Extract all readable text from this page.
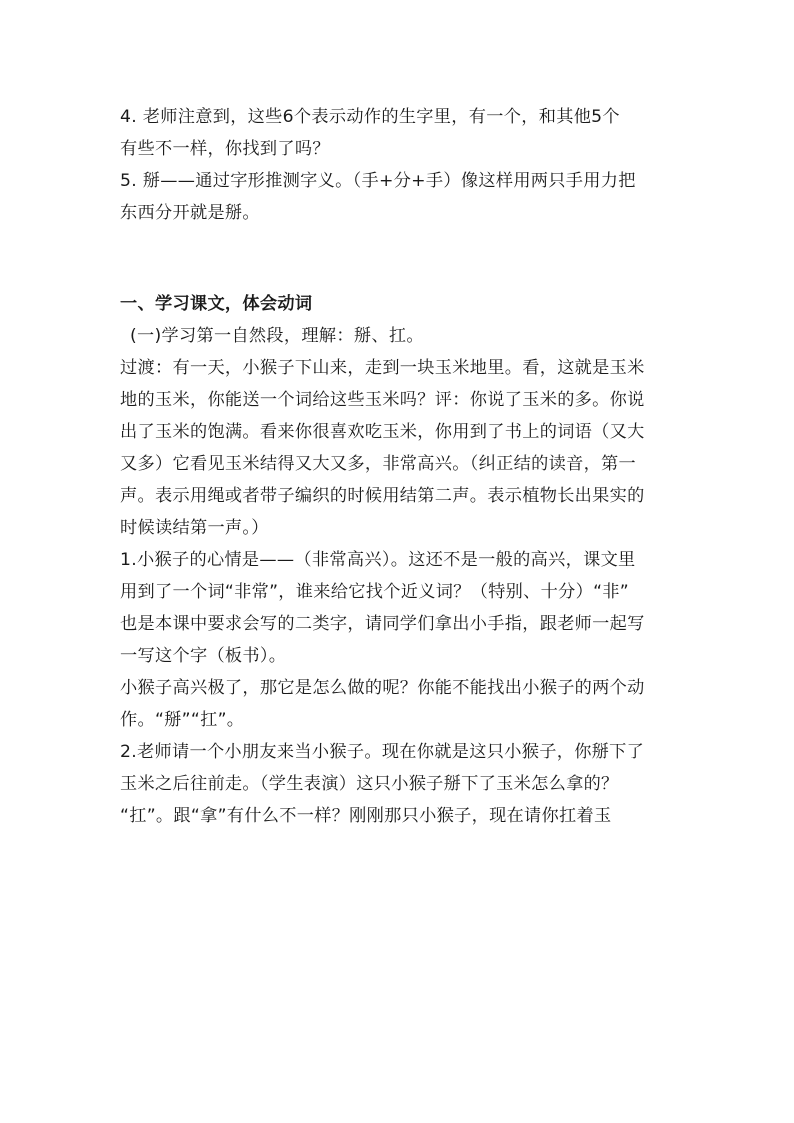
4. 老师注意到，这些6个表示动作的生字里，有一个，和其他5个
有些不一样，你找到了吗？
5. 掰——通过字形推测字义。（手+分+手）像这样用两只手用力把
东西分开就是掰。
一、学习课文，体会动词
(一)学习第一自然段，理解：掰、扛。
过渡：有一天，小猴子下山来，走到一块玉米地里。看，这就是玉米
地的玉米，你能送一个词给这些玉米吗？评：你说了玉米的多。你说
出了玉米的饱满。看来你很喜欢吃玉米，你用到了书上的词语（又大
又多）它看见玉米结得又大又多，非常高兴。（纠正结的读音，第一
声。表示用绳或者带子编织的时候用结第二声。表示植物长出果实的
时候读结第一声。）
1.小猴子的心情是——（非常高兴）。这还不是一般的高兴，课文里
用到了一个词“非常”，谁来给它找个近义词？（特别、十分）“非”
也是本课中要求会写的二类字，请同学们拿出小手指，跟老师一起写
一写这个字（板书）。
小猴子高兴极了，那它是怎么做的呢？你能不能找出小猴子的两个动
作。“掰”“扛”。
2.老师请一个小朋友来当小猴子。现在你就是这只小猴子，你掰下了
玉米之后往前走。（学生表演）这只小猴子掰下了玉米怎么拿的？
“扛”。跟“拿”有什么不一样？刚刚那只小猴子，现在请你扛着玉
